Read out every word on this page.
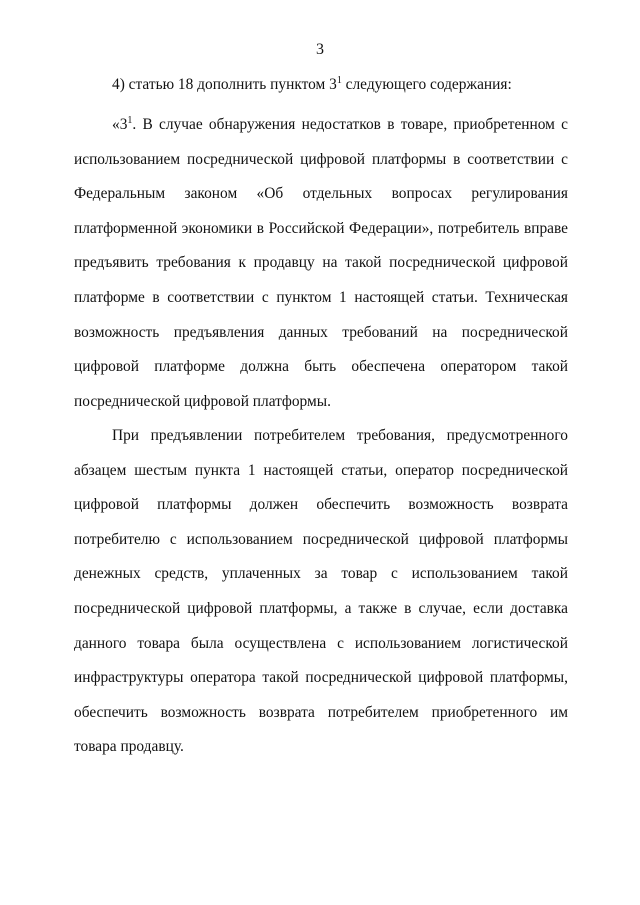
3

4) статью 18 дополнить пунктом $3^1$ следующего содержания:

«$3^1$. В случае обнаружения недостатков в товаре, приобретенном с использованием посреднической цифровой платформы в соответствии с Федеральным законом «Об отдельных вопросах регулирования платформенной экономики в Российской Федерации», потребитель вправе предъявить требования к продавцу на такой посреднической цифровой платформе в соответствии с пунктом 1 настоящей статьи. Техническая возможность предъявления данных требований на посреднической цифровой платформе должна быть обеспечена оператором такой посреднической цифровой платформы.

При предъявлении потребителем требования, предусмотренного абзацем шестым пункта 1 настоящей статьи, оператор посреднической цифровой платформы должен обеспечить возможность возврата потребителю с использованием посреднической цифровой платформы денежных средств, уплаченных за товар с использованием такой посреднической цифровой платформы, а также в случае, если доставка данного товара была осуществлена с использованием логистической инфраструктуры оператора такой посреднической цифровой платформы, обеспечить возможность возврата потребителем приобретенного им товара продавцу.
